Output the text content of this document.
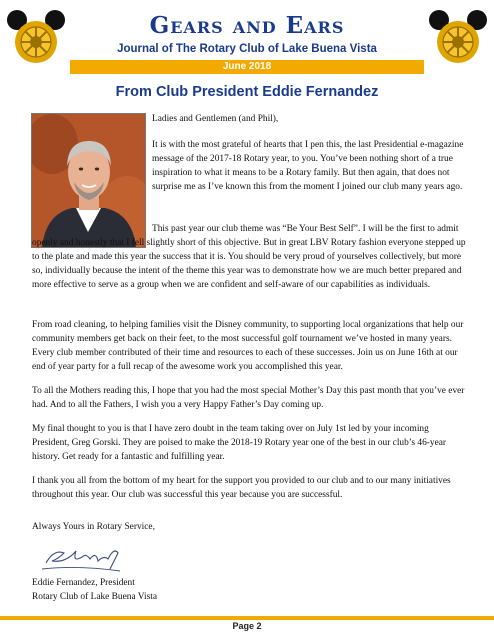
Gears and Ears
Journal of The Rotary Club of Lake Buena Vista
June 2018
From Club President Eddie Fernandez

Ladies and Gentlemen (and Phil),

It is with the most grateful of hearts that I pen this, the last Presidential e-magazine message of the 2017-18 Rotary year, to you. You’ve been nothing short of a true inspiration to what it means to be a Rotary family. But then again, that does not surprise me as I’ve known this from the moment I joined our club many years ago.

This past year our club theme was “Be Your Best Self”. I will be the first to admit openly and honestly that I fell slightly short of this objective. But in great LBV Rotary fashion everyone stepped up to the plate and made this year the success that it is. You should be very proud of yourselves collectively, but more so, individually because the intent of the theme this year was to demonstrate how we are much better prepared and more effective to serve as a group when we are confident and self-aware of our capabilities as individuals.

From road cleaning, to helping families visit the Disney community, to supporting local organizations that help our community members get back on their feet, to the most successful golf tournament we’ve hosted in many years. Every club member contributed of their time and resources to each of these successes. Join us on June 16th at our end of year party for a full recap of the awesome work you accomplished this year.

To all the Mothers reading this, I hope that you had the most special Mother’s Day this past month that you’ve ever had. And to all the Fathers, I wish you a very Happy Father’s Day coming up.

My final thought to you is that I have zero doubt in the team taking over on July 1st led by your incoming President, Greg Gorski. They are poised to make the 2018-19 Rotary year one of the best in our club’s 46-year history. Get ready for a fantastic and fulfilling year.

I thank you all from the bottom of my heart for the support you provided to our club and to our many initiatives throughout this year. Our club was successful this year because you are successful.

Always Yours in Rotary Service,

Eddie Fernandez, President

Rotary Club of Lake Buena Vista

Page 2
